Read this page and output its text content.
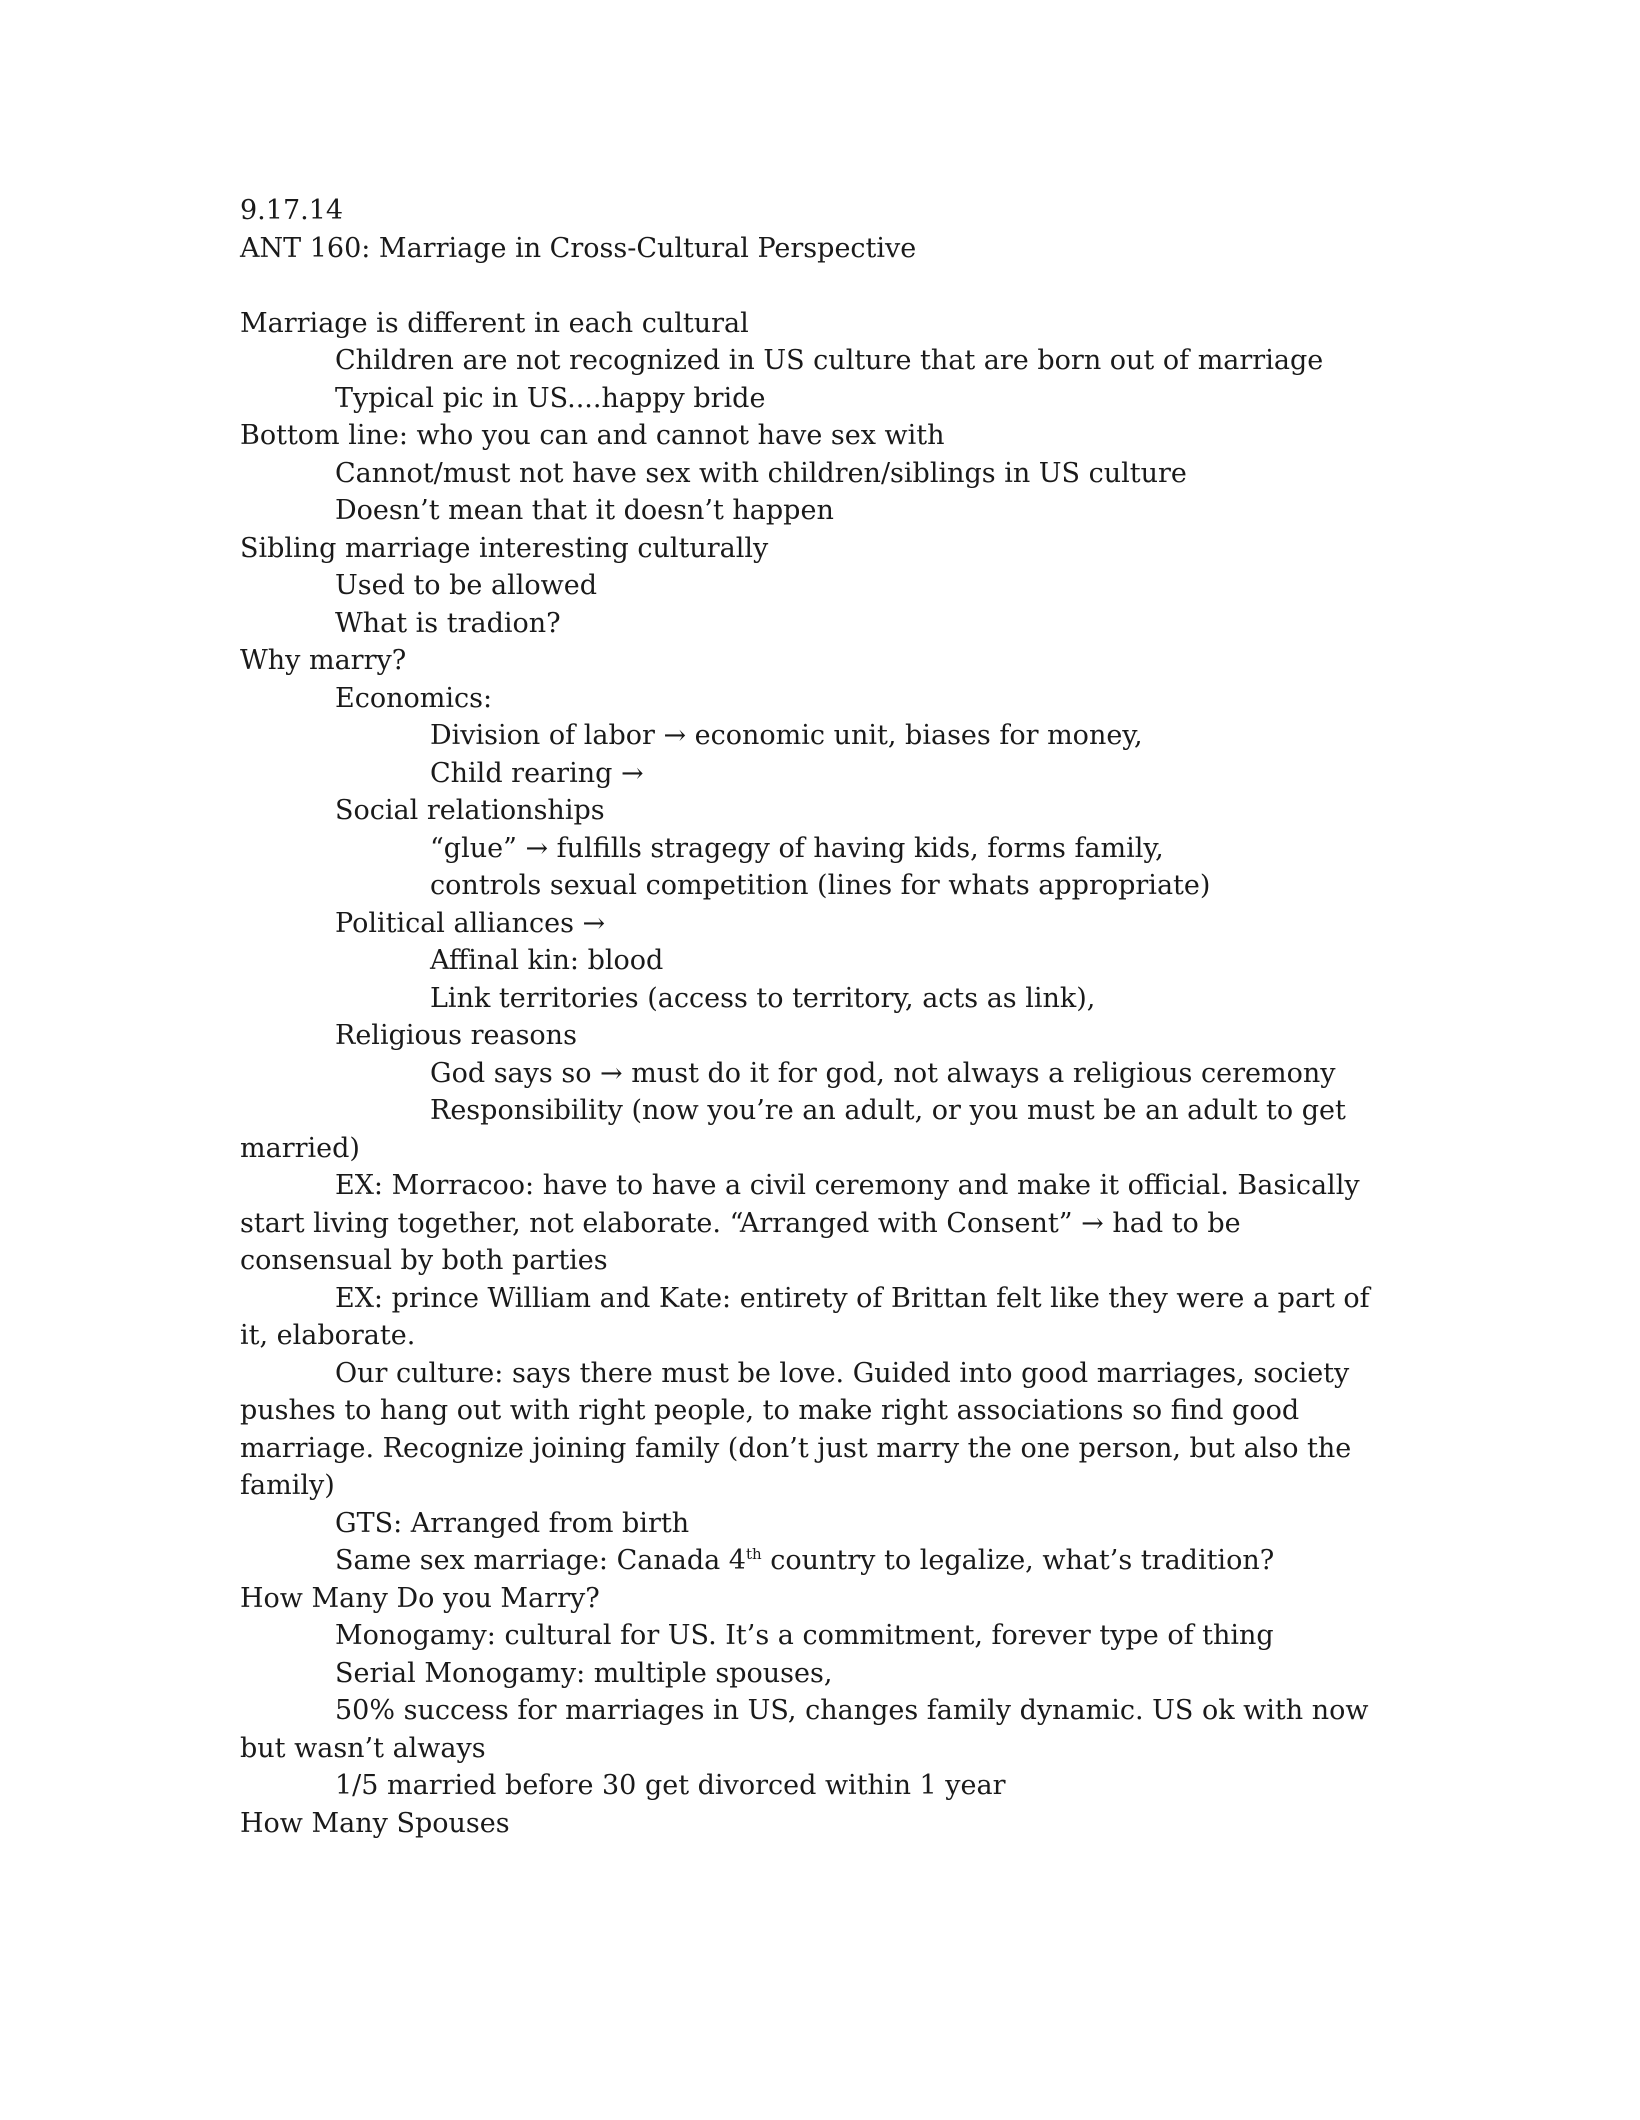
9.17.14
ANT 160: Marriage in Cross-Cultural Perspective
Marriage is different in each cultural
Children are not recognized in US culture that are born out of marriage
Typical pic in US....happy bride
Bottom line: who you can and cannot have sex with
Cannot/must not have sex with children/siblings in US culture
Doesn’t mean that it doesn’t happen
Sibling marriage interesting culturally
Used to be allowed
What is tradion?
Why marry?
Economics:
Division of labor → economic unit, biases for money,
Child rearing →
Social relationships
“glue” → fulfills stragegy of having kids, forms family,
controls sexual competition (lines for whats appropriate)
Political alliances →
Affinal kin: blood
Link territories (access to territory, acts as link),
Religious reasons
God says so → must do it for god, not always a religious ceremony
Responsibility (now you’re an adult, or you must be an adult to get
married)
EX: Morracoo: have to have a civil ceremony and make it official. Basically start living together, not elaborate. “Arranged with Consent” → had to be consensual by both parties
EX: prince William and Kate: entirety of Brittan felt like they were a part of it, elaborate.
Our culture: says there must be love. Guided into good marriages, society pushes to hang out with right people, to make right associations so find good marriage. Recognize joining family (don’t just marry the one person, but also the family)
GTS: Arranged from birth
Same sex marriage: Canada 4th country to legalize, what’s tradition?
How Many Do you Marry?
Monogamy: cultural for US. It’s a commitment, forever type of thing
Serial Monogamy: multiple spouses,
50% success for marriages in US, changes family dynamic. US ok with now but wasn’t always
1/5 married before 30 get divorced within 1 year
How Many Spouses
